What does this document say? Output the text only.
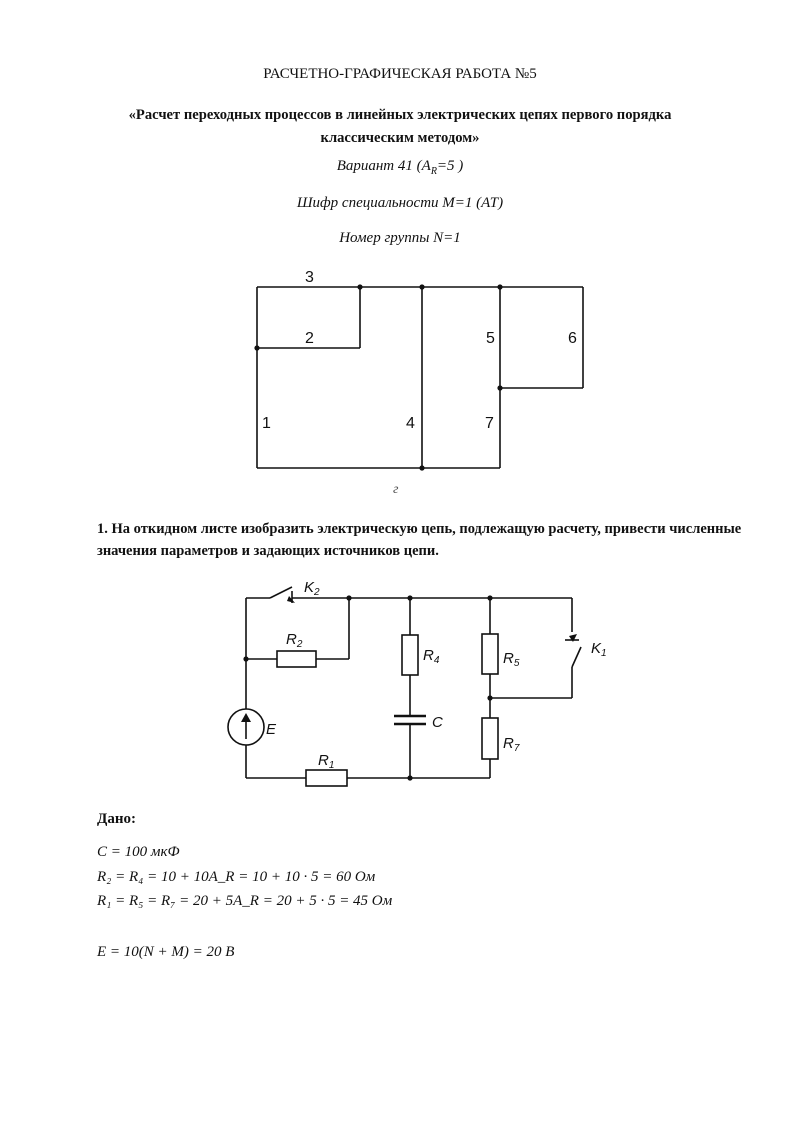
РАСЧЕТНО-ГРАФИЧЕСКАЯ РАБОТА №5
«Расчет переходных процессов в линейных электрических цепях первого порядка
классическим методом»
Вариант 41 ($A_R=5$ )
Шифр специальности M=1 (АТ)
Номер группы N=1
3
2	5	6
1	4	7
г
$K_2$
$K_1$
$R_2$
$R_4$	$R_5$
$R_7$
$R_1$
C
E
1. На откидном листе изобразить электрическую цепь, подлежащую расчету, привести численные значения параметров и задающих источников цепи.
Дано:
C = 100 мкФ
R₂ = R₄ = 10 + 10A_R = 10 + 10 · 5 = 60 Ом
R₁ = R₅ = R₇ = 20 + 5A_R = 20 + 5 · 5 = 45 Ом
E = 10(N + M) = 20 В
